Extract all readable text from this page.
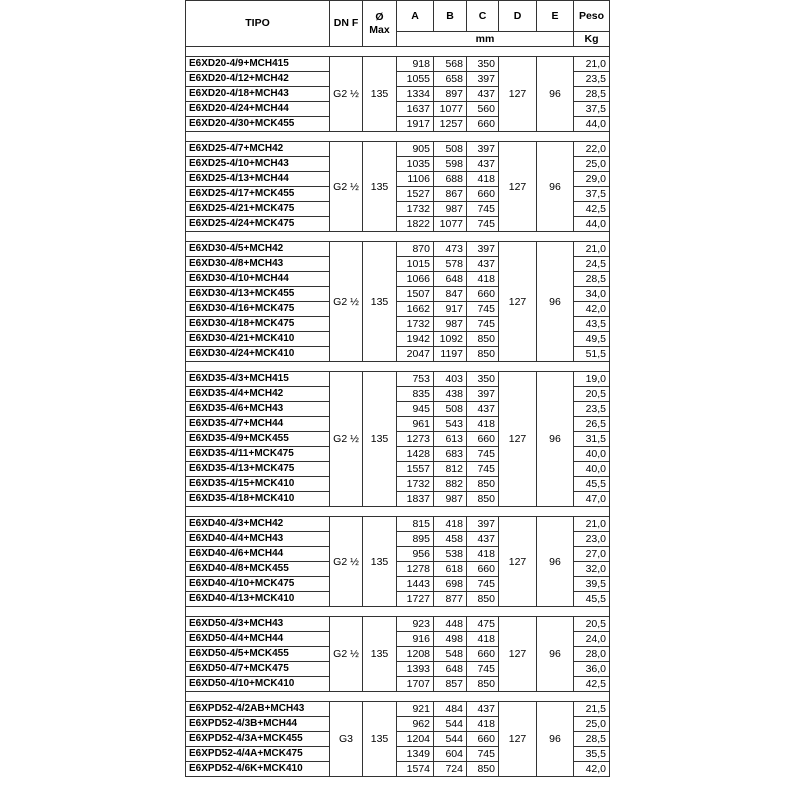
TIPO	DN F	Ø
Max	A	B	C	D	E	Peso
			mm					Kg

E6XD20-4/9+MCH415	G2 ½	135	918	568	350	127	96	21,0
E6XD20-4/12+MCH42			1055	658	397			23,5
E6XD20-4/18+MCH43			1334	897	437			28,5
E6XD20-4/24+MCH44			1637	1077	560			37,5
E6XD20-4/30+MCK455			1917	1257	660			44,0

E6XD25-4/7+MCH42	G2 ½	135	905	508	397	127	96	22,0
E6XD25-4/10+MCH43			1035	598	437			25,0
E6XD25-4/13+MCH44			1106	688	418			29,0
E6XD25-4/17+MCK455			1527	867	660			37,5
E6XD25-4/21+MCK475			1732	987	745			42,5
E6XD25-4/24+MCK475			1822	1077	745			44,0

E6XD30-4/5+MCH42	G2 ½	135	870	473	397	127	96	21,0
E6XD30-4/8+MCH43			1015	578	437			24,5
E6XD30-4/10+MCH44			1066	648	418			28,5
E6XD30-4/13+MCK455			1507	847	660			34,0
E6XD30-4/16+MCK475			1662	917	745			42,0
E6XD30-4/18+MCK475			1732	987	745			43,5
E6XD30-4/21+MCK410			1942	1092	850			49,5
E6XD30-4/24+MCK410			2047	1197	850			51,5

E6XD35-4/3+MCH415	G2 ½	135	753	403	350	127	96	19,0
E6XD35-4/4+MCH42			835	438	397			20,5
E6XD35-4/6+MCH43			945	508	437			23,5
E6XD35-4/7+MCH44			961	543	418			26,5
E6XD35-4/9+MCK455			1273	613	660			31,5
E6XD35-4/11+MCK475			1428	683	745			40,0
E6XD35-4/13+MCK475			1557	812	745			40,0
E6XD35-4/15+MCK410			1732	882	850			45,5
E6XD35-4/18+MCK410			1837	987	850			47,0

E6XD40-4/3+MCH42	G2 ½	135	815	418	397	127	96	21,0
E6XD40-4/4+MCH43			895	458	437			23,0
E6XD40-4/6+MCH44			956	538	418			27,0
E6XD40-4/8+MCK455			1278	618	660			32,0
E6XD40-4/10+MCK475			1443	698	745			39,5
E6XD40-4/13+MCK410			1727	877	850			45,5

E6XD50-4/3+MCH43	G2 ½	135	923	448	475	127	96	20,5
E6XD50-4/4+MCH44			916	498	418			24,0
E6XD50-4/5+MCK455			1208	548	660			28,0
E6XD50-4/7+MCK475			1393	648	745			36,0
E6XD50-4/10+MCK410			1707	857	850			42,5

E6XPD52-4/2AB+MCH43	G3	135	921	484	437	127	96	21,5
E6XPD52-4/3B+MCH44			962	544	418			25,0
E6XPD52-4/3A+MCK455			1204	544	660			28,5
E6XPD52-4/4A+MCK475			1349	604	745			35,5
E6XPD52-4/6K+MCK410			1574	724	850			42,0
